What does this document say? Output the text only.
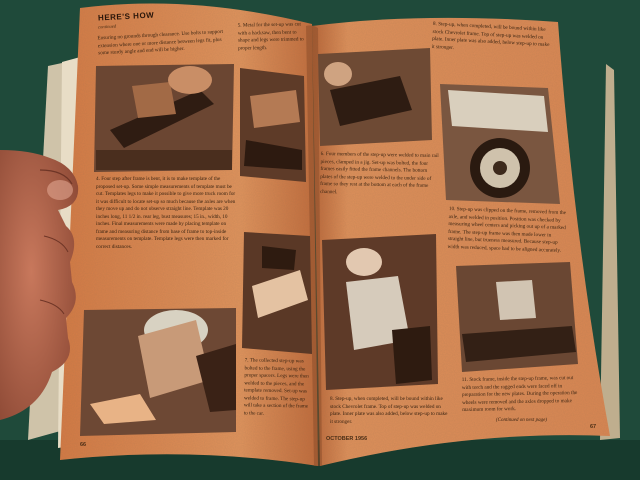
HERE'S HOW
continued

Ensuring no grounds through clearance. Use bolts to support extension where one or more distance between legs fit, plus some sturdy angle and end will be higher.

5. Metal for the set-up was cut with a hacksaw, then bent to shape and legs were trimmed to proper length.

4. Four step after frame is bent, it is to make template of the proposed set-up. Some simple measurements of template must be cut. Templates legs to make it possible to give more truck room for it was difficult to locate set-up so much because the axles are when they move up and do not observe straight line. Template was 20 inches long, 11 1/2 in. rear leg, bust measures; 15 in., width, 10 inches. Final measurements were made by placing template on frame and measuring distance from base of frame to top-inside measurements on template. Template legs were then marked for correct distances.

7. The collected step-up was bolted to the frame, using the proper spacers. Legs were then welded to the pieces, and the template removed. Set-up was welded to frame. The step-up will take a section of the frame to the car.

66

8. Step-up, when completed, will be bound within like stock Chevrolet frame. Top of step-up was welded on plate. Inner plate was also added, below step-up to make it stronger.

6. Four members of the step-up were welded to main rail pieces, clamped in a jig. Set-up was bolted, the four frames easily fitted the frame channels. The bottom plates of the step-up were welded to the under side of frame so they rest at the bottom at each of the frame channel.

10. Step-up was clipped on the frame, removed from the axle, and welded in position. Position was checked by measuring wheel centers and picking out up of a marked frame. The step-up frame was then made lower in straight line, but trueness measured. Because step-up width was reduced, space had to be aligned accurately.

8. Step-up, when completed, will be bound within like stock Chevrolet frame. Top of step-up was welded on plate. Inner plate was also added, below step-up to make it stronger.

11. Stock frame, inside the step-up frame, was cut out with torch and the ragged ends were faced off in preparation for the new plates. During the operation the wheels were removed and the axles dropped to make maximum room for work.

(Continued on next page)
OCTOBER 1956
67
